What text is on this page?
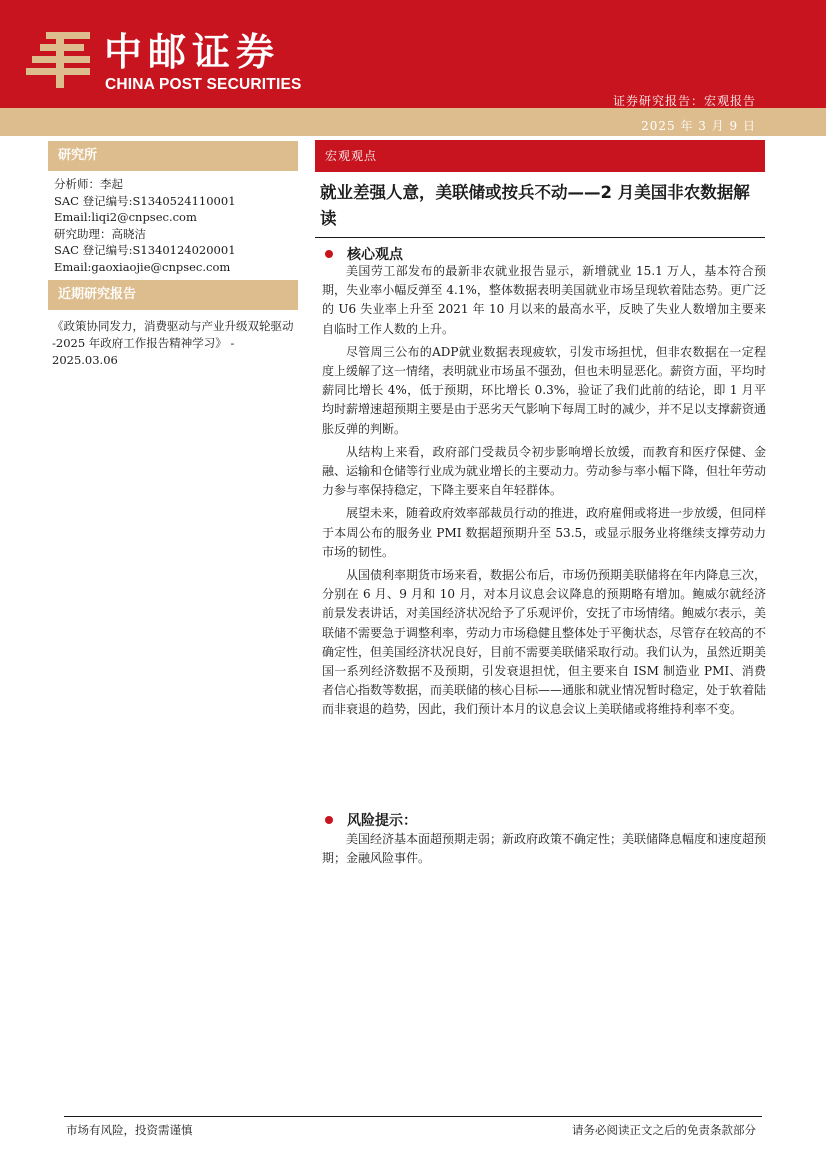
中邮证券
CHINA POST SECURITIES
证券研究报告：宏观报告
2025 年 3 月 9 日
研究所
分析师：李起
SAC 登记编号:S1340524110001
Email:liqi2@cnpsec.com
研究助理：高晓洁
SAC 登记编号:S1340124020001
Email:gaoxiaojie@cnpsec.com
近期研究报告
《政策协同发力，消费驱动与产业升级双轮驱动 -2025 年政府工作报告精神学习》 - 2025.03.06
宏观观点
就业差强人意，美联储或按兵不动——2 月美国非农数据解读
核心观点

美国劳工部发布的最新非农就业报告显示，新增就业 15.1 万人，基本符合预期，失业率小幅反弹至 4.1%，整体数据表明美国就业市场呈现软着陆态势。更广泛的 U6 失业率上升至 2021 年 10 月以来的最高水平，反映了失业人数增加主要来自临时工作人数的上升。

尽管周三公布的ADP就业数据表现疲软，引发市场担忧，但非农数据在一定程度上缓解了这一情绪，表明就业市场虽不强劲，但也未明显恶化。薪资方面，平均时薪同比增长 4%，低于预期，环比增长 0.3%，验证了我们此前的结论，即 1 月平均时薪增速超预期主要是由于恶劣天气影响下每周工时的减少，并不足以支撑薪资通胀反弹的判断。

从结构上来看，政府部门受裁员令初步影响增长放缓，而教育和医疗保健、金融、运输和仓储等行业成为就业增长的主要动力。劳动参与率小幅下降，但壮年劳动力参与率保持稳定，下降主要来自年轻群体。

展望未来，随着政府效率部裁员行动的推进，政府雇佣或将进一步放缓，但同样于本周公布的服务业 PMI 数据超预期升至 53.5，或显示服务业将继续支撑劳动力市场的韧性。

从国债利率期货市场来看，数据公布后，市场仍预期美联储将在年内降息三次，分别在 6 月、9 月和 10 月，对本月议息会议降息的预期略有增加。鲍威尔就经济前景发表讲话，对美国经济状况给予了乐观评价，安抚了市场情绪。鲍威尔表示，美联储不需要急于调整利率，劳动力市场稳健且整体处于平衡状态，尽管存在较高的不确定性，但美国经济状况良好，目前不需要美联储采取行动。我们认为，虽然近期美国一系列经济数据不及预期，引发衰退担忧，但主要来自 ISM 制造业 PMI、消费者信心指数等数据，而美联储的核心目标——通胀和就业情况暂时稳定，处于软着陆而非衰退的趋势，因此，我们预计本月的议息会议上美联储或将维持利率不变。

风险提示：

美国经济基本面超预期走弱；新政府政策不确定性；美联储降息幅度和速度超预期；金融风险事件。

市场有风险，投资需谨慎	请务必阅读正文之后的免责条款部分
